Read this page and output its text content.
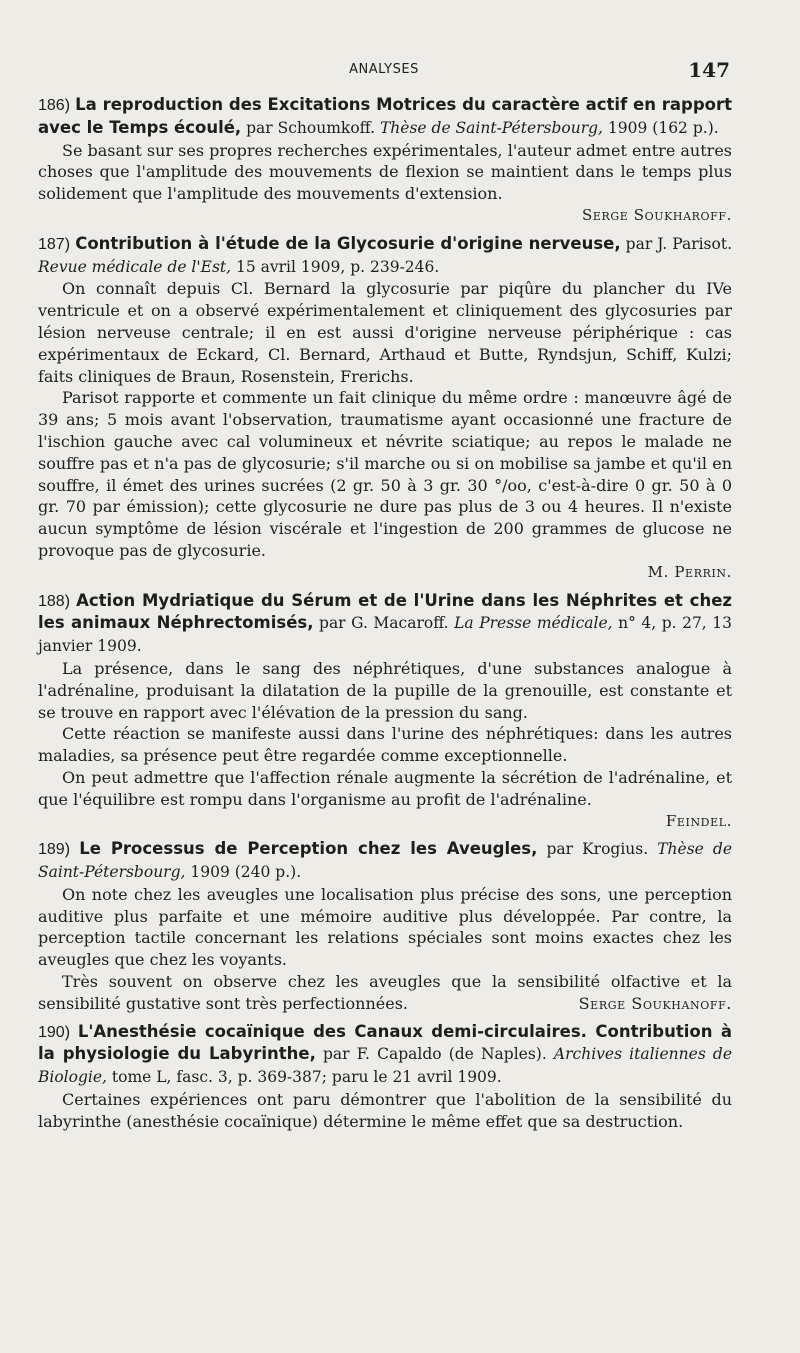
ANALYSES	147

186) La reproduction des Excitations Motrices du caractère actif en rapport avec le Temps écoulé, par Schoumkoff. Thèse de Saint-Pétersbourg, 1909 (162 p.).

Se basant sur ses propres recherches expérimentales, l'auteur admet entre autres choses que l'amplitude des mouvements de flexion se maintient dans le temps plus solidement que l'amplitude des mouvements d'extension.

Serge Soukharoff.

187) Contribution à l'étude de la Glycosurie d'origine nerveuse, par J. Parisot. Revue médicale de l'Est, 15 avril 1909, p. 239-246.

On connaît depuis Cl. Bernard la glycosurie par piqûre du plancher du IVe ventricule et on a observé expérimentalement et cliniquement des glycosuries par lésion nerveuse centrale; il en est aussi d'origine nerveuse périphérique : cas expérimentaux de Eckard, Cl. Bernard, Arthaud et Butte, Ryndsjun, Schiff, Kulzi; faits cliniques de Braun, Rosenstein, Frerichs.

Parisot rapporte et commente un fait clinique du même ordre : manœuvre âgé de 39 ans; 5 mois avant l'observation, traumatisme ayant occasionné une fracture de l'ischion gauche avec cal volumineux et névrite sciatique; au repos le malade ne souffre pas et n'a pas de glycosurie; s'il marche ou si on mobilise sa jambe et qu'il en souffre, il émet des urines sucrées (2 gr. 50 à 3 gr. 30 °/oo, c'est-à-dire 0 gr. 50 à 0 gr. 70 par émission); cette glycosurie ne dure pas plus de 3 ou 4 heures. Il n'existe aucun symptôme de lésion viscérale et l'ingestion de 200 grammes de glucose ne provoque pas de glycosurie.

M. Perrin.

188) Action Mydriatique du Sérum et de l'Urine dans les Néphrites et chez les animaux Néphrectomisés, par G. Macaroff. La Presse médicale, n° 4, p. 27, 13 janvier 1909.

La présence, dans le sang des néphrétiques, d'une substances analogue à l'adrénaline, produisant la dilatation de la pupille de la grenouille, est constante et se trouve en rapport avec l'élévation de la pression du sang.

Cette réaction se manifeste aussi dans l'urine des néphrétiques: dans les autres maladies, sa présence peut être regardée comme exceptionnelle.

On peut admettre que l'affection rénale augmente la sécrétion de l'adrénaline, et que l'équilibre est rompu dans l'organisme au profit de l'adrénaline.

Feindel.

189) Le Processus de Perception chez les Aveugles, par Krogius. Thèse de Saint-Pétersbourg, 1909 (240 p.).

On note chez les aveugles une localisation plus précise des sons, une perception auditive plus parfaite et une mémoire auditive plus développée. Par contre, la perception tactile concernant les relations spéciales sont moins exactes chez les aveugles que chez les voyants.

Très souvent on observe chez les aveugles que la sensibilité olfactive et la sensibilité gustative sont très perfectionnées.	Serge Soukhanoff.

190) L'Anesthésie cocaïnique des Canaux demi-circulaires. Contribution à la physiologie du Labyrinthe, par F. Capaldo (de Naples). Archives italiennes de Biologie, tome L, fasc. 3, p. 369-387; paru le 21 avril 1909.

Certaines expériences ont paru démontrer que l'abolition de la sensibilité du labyrinthe (anesthésie cocaïnique) détermine le même effet que sa destruction.
